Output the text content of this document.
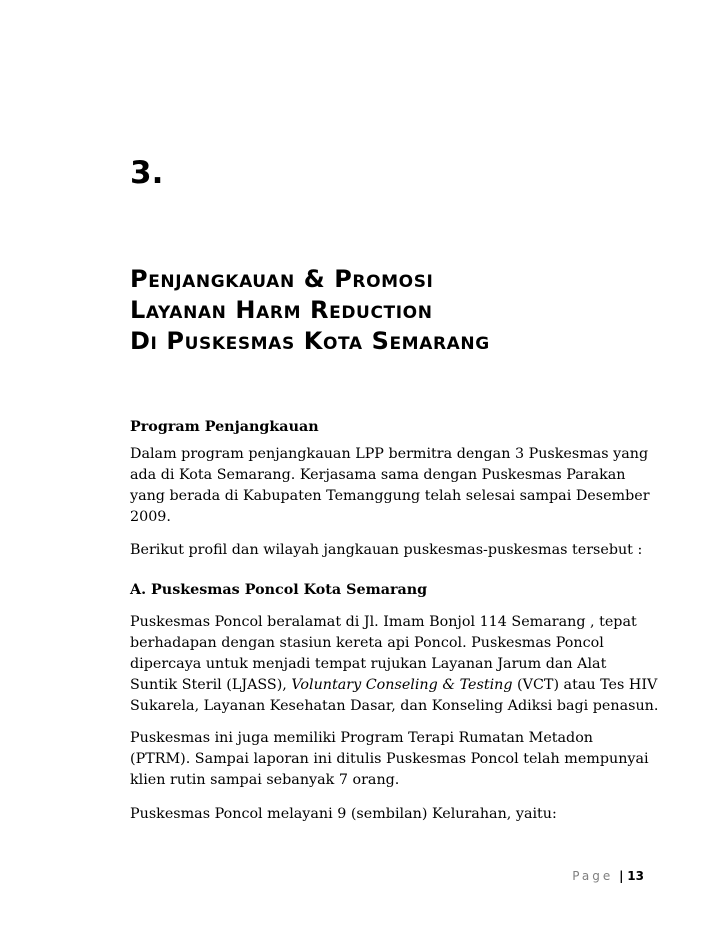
3.
Penjangkauan & Promosi
Layanan Harm Reduction
Di Puskesmas Kota Semarang
Program Penjangkauan
Dalam program penjangkauan LPP bermitra dengan 3 Puskesmas yang
ada di Kota Semarang. Kerjasama sama dengan Puskesmas Parakan
yang berada di Kabupaten Temanggung telah selesai sampai Desember
2009.
Berikut profil dan wilayah jangkauan puskesmas-puskesmas tersebut :
A. Puskesmas Poncol Kota Semarang
Puskesmas Poncol beralamat di Jl. Imam Bonjol 114 Semarang , tepat
berhadapan dengan stasiun kereta api Poncol. Puskesmas Poncol
dipercaya untuk menjadi tempat rujukan Layanan Jarum dan Alat
Suntik Steril (LJASS), Voluntary Conseling & Testing (VCT) atau Tes HIV
Sukarela, Layanan Kesehatan Dasar, dan Konseling Adiksi bagi penasun.
Puskesmas ini juga memiliki Program Terapi Rumatan Metadon
(PTRM). Sampai laporan ini ditulis Puskesmas Poncol telah mempunyai
klien rutin sampai sebanyak 7 orang.
Puskesmas Poncol melayani 9 (sembilan) Kelurahan, yaitu:
Page | 13
